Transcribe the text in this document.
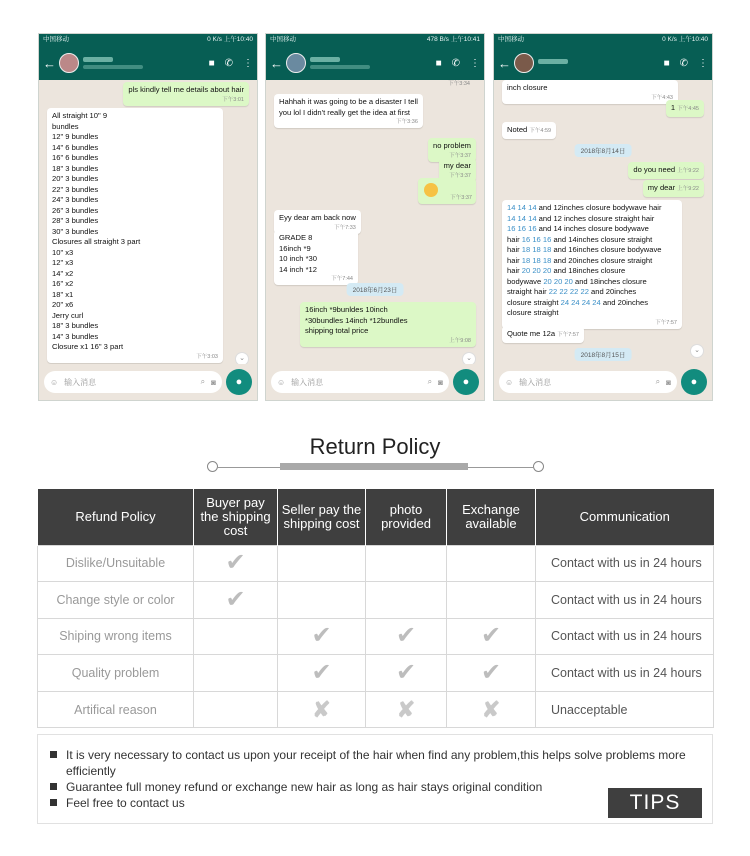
中国移动	0 K/s 上午10:40
←	■ ✆ ⋮
pls kindly tell me details about hair
下午3:01
All straight 10" 9
bundles
12" 9 bundles
14" 6 bundles
16" 6 bundles
18" 3 bundles
20" 3 bundles
22" 3 bundles
24" 3 bundles
26" 3 bundles
28" 3 bundles
30" 3 bundles
Closures all straight 3 part
10" x3
12" x3
14" x2
16" x2
18" x1
20" x6
Jerry curl
18" 3 bundles
14" 3 bundles
Closure x1 16" 3 part
下午3:03	⌄
☺ 输入消息	⌕ ◙	●
中国移动	478 B/s 上午10:41
←	■ ✆ ⋮
下午3:34
Hahhah it was going to be a disaster I tell
you lol I didn't really get the idea at first
下午3:36
no problem
下午3:37
my dear
下午3:37
下午3:37
Eyy dear am back now
下午7:33
GRADE 8
16inch *9
10 inch *30
14 inch *12
下午7:44
2018年6月23日
16inch *9bunldes 10inch
*30bundles 14inch *12bundles
shipping total price
上午9:08
⌄
☺ 输入消息	⌕ ◙	●
中国移动	0 K/s 上午10:40
←	■ ✆ ⋮
inch closure
下午4:43
1 下午4:45
Noted 下午4:59
2018年8月14日
do you need 上午9:22
my dear 上午9:22
14 14 14 and 12inches closure bodywave hair
14 14 14 and 12 inches closure straight hair
16 16 16 and 14 inches closure bodywave
hair 16 16 16 and 14inches closure straight
hair 18 18 18 and 16inches closure bodywave
hair 18 18 18 and 20inches closure straight
hair 20 20 20 and 18inches closure
bodywave 20 20 20 and 18inches closure
straight hair 22 22 22 22 and 20inches
closure straight 24 24 24 24 and 20inches
closure straight
下午7:57
Quote me 12a 下午7:57
2018年8月15日
⌄
☺ 输入消息	⌕ ◙	●
Return Policy
Refund Policy	Buyer pay the shipping cost	Seller pay the shipping cost	photo provided	Exchange available	Communication
Dislike/Unsuitable	✔				Contact with us in 24 hours
Change style or color	✔				Contact with us in 24 hours
Shiping wrong items		✔	✔	✔	Contact with us in 24 hours
Quality problem		✔	✔	✔	Contact with us in 24 hours
Artifical reason		✘	✘	✘	Unacceptable
It is very necessary to contact us upon your receipt of the hair when find any problem,this helps solve problems more efficiently
Guarantee full money refund or exchange new hair as long as hair stays original condition
Feel free to contact us	TIPS
